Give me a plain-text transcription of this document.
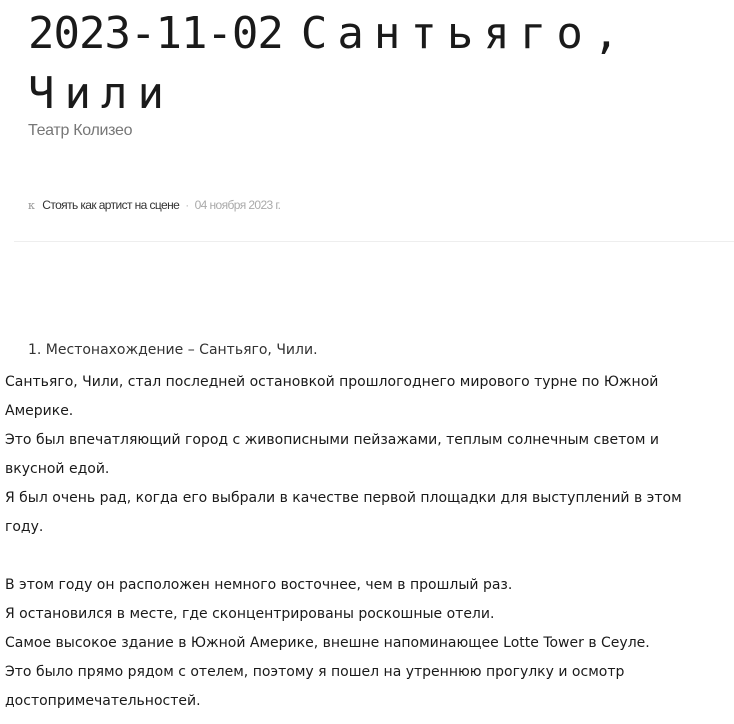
2023-11-02 Сантьяго,
Чили
Театр Колизео
к Стоять как артист на сцене · 04 ноября 2023 г.
1. Местонахождение – Сантьяго, Чили.

Сантьяго, Чили, стал последней остановкой прошлогоднего мирового турне по Южной

Америке.

Это был впечатляющий город с живописными пейзажами, теплым солнечным светом и

вкусной едой.

Я был очень рад, когда его выбрали в качестве первой площадки для выступлений в этом

году.

В этом году он расположен немного восточнее, чем в прошлый раз.

Я остановился в месте, где сконцентрированы роскошные отели.

Самое высокое здание в Южной Америке, внешне напоминающее Lotte Tower в Сеуле.

Это было прямо рядом с отелем, поэтому я пошел на утреннюю прогулку и осмотр

достопримечательностей.
